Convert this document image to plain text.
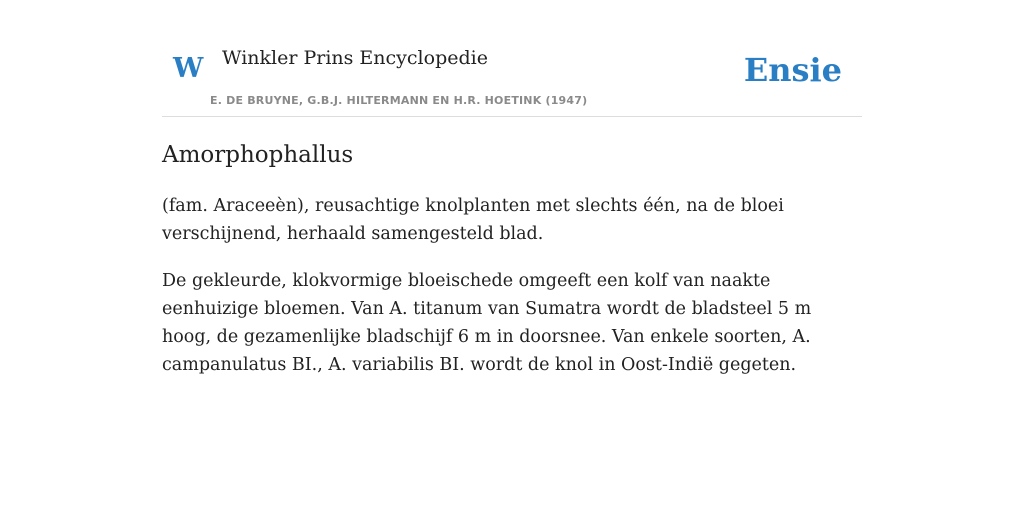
W Winkler Prins Encyclopedie
E. DE BRUYNE, G.B.J. HILTERMANN EN H.R. HOETINK (1947)
Ensie
Amorphophallus

(fam. Araceeèn), reusachtige knolplanten met slechts één, na de bloei verschijnend, herhaald samengesteld blad.

De gekleurde, klokvormige bloeischede omgeeft een kolf van naakte eenhuizige bloemen. Van A. titanum van Sumatra wordt de bladsteel 5 m hoog, de gezamenlijke bladschijf 6 m in doorsnee. Van enkele soorten, A. campanulatus BI., A. variabilis BI. wordt de knol in Oost-Indië gegeten.
